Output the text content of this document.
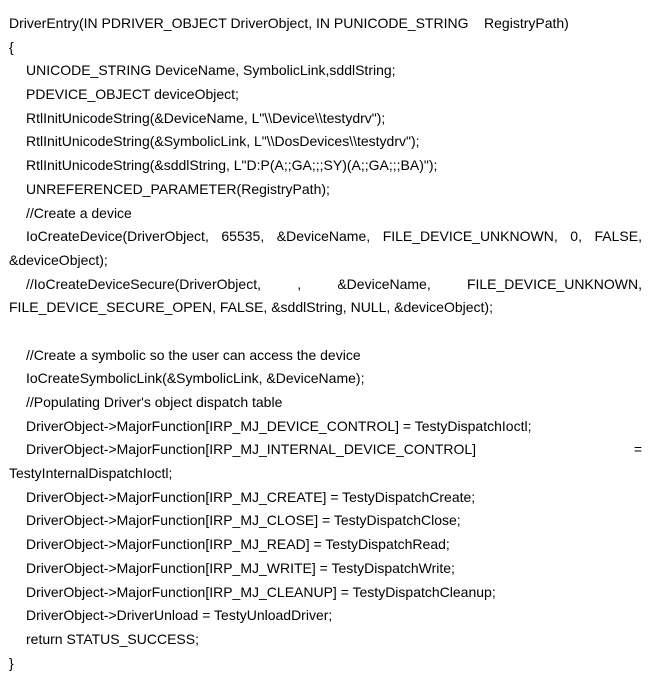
DriverEntry(IN PDRIVER_OBJECT DriverObject, IN PUNICODE_STRING    RegistryPath)
{
UNICODE_STRING DeviceName, SymbolicLink,sddlString;
PDEVICE_OBJECT deviceObject;
RtlInitUnicodeString(&DeviceName, L"\\Device\\testydrv");
RtlInitUnicodeString(&SymbolicLink, L"\\DosDevices\\testydrv");
RtlInitUnicodeString(&sddlString, L"D:P(A;;GA;;;SY)(A;;GA;;;BA)");
UNREFERENCED_PARAMETER(RegistryPath);
//Create a device
IoCreateDevice(DriverObject, 65535, &DeviceName, FILE_DEVICE_UNKNOWN, 0, FALSE,
&deviceObject);
//IoCreateDeviceSecure(DriverObject,	,	&DeviceName,	FILE_DEVICE_UNKNOWN,
FILE_DEVICE_SECURE_OPEN, FALSE, &sddlString, NULL, &deviceObject);
//Create a symbolic so the user can access the device
IoCreateSymbolicLink(&SymbolicLink, &DeviceName);
//Populating Driver's object dispatch table
DriverObject->MajorFunction[IRP_MJ_DEVICE_CONTROL] = TestyDispatchIoctl;
DriverObject->MajorFunction[IRP_MJ_INTERNAL_DEVICE_CONTROL]	=
TestyInternalDispatchIoctl;
DriverObject->MajorFunction[IRP_MJ_CREATE] = TestyDispatchCreate;
DriverObject->MajorFunction[IRP_MJ_CLOSE] = TestyDispatchClose;
DriverObject->MajorFunction[IRP_MJ_READ] = TestyDispatchRead;
DriverObject->MajorFunction[IRP_MJ_WRITE] = TestyDispatchWrite;
DriverObject->MajorFunction[IRP_MJ_CLEANUP] = TestyDispatchCleanup;
DriverObject->DriverUnload = TestyUnloadDriver;
return STATUS_SUCCESS;
}
